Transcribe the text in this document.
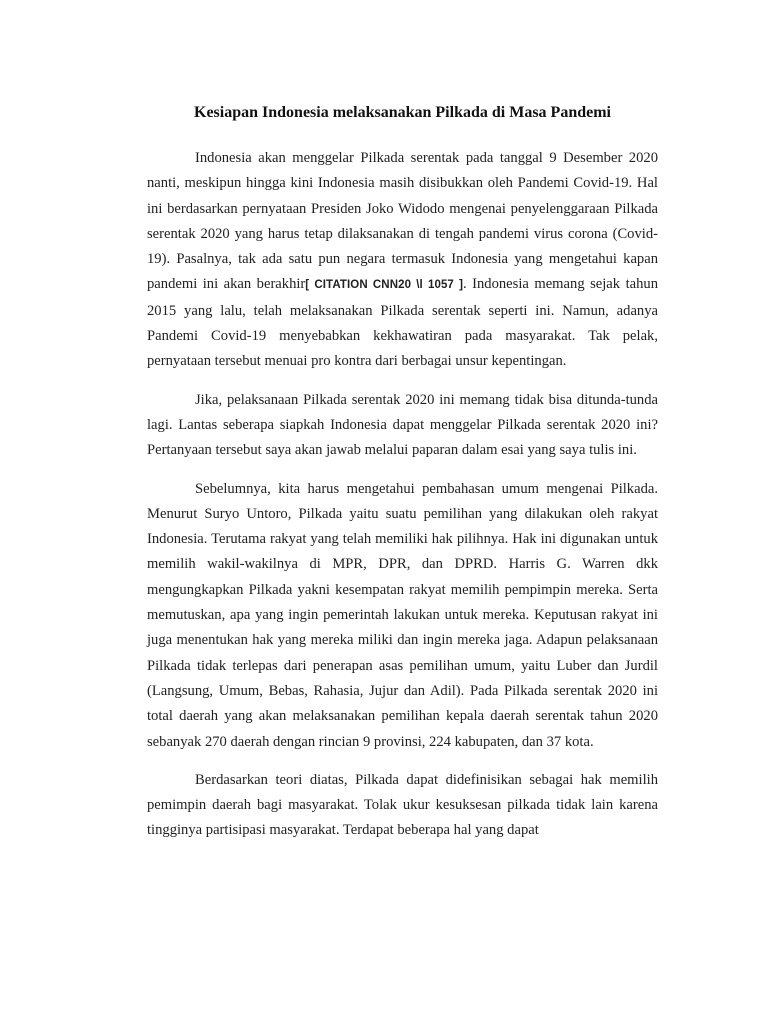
Kesiapan Indonesia melaksanakan Pilkada di Masa Pandemi

Indonesia akan menggelar Pilkada serentak pada tanggal 9 Desember 2020 nanti, meskipun hingga kini Indonesia masih disibukkan oleh Pandemi Covid-19. Hal ini berdasarkan pernyataan Presiden Joko Widodo mengenai penyelenggaraan Pilkada serentak 2020 yang harus tetap dilaksanakan di tengah pandemi virus corona (Covid-19). Pasalnya, tak ada satu pun negara termasuk Indonesia yang mengetahui kapan pandemi ini akan berakhir[ CITATION CNN20 \l 1057 ]. Indonesia memang sejak tahun 2015 yang lalu, telah melaksanakan Pilkada serentak seperti ini. Namun, adanya Pandemi Covid-19 menyebabkan kekhawatiran pada masyarakat. Tak pelak, pernyataan tersebut menuai pro kontra dari berbagai unsur kepentingan.

Jika, pelaksanaan Pilkada serentak 2020 ini memang tidak bisa ditunda-tunda lagi. Lantas seberapa siapkah Indonesia dapat menggelar Pilkada serentak 2020 ini? Pertanyaan tersebut saya akan jawab melalui paparan dalam esai yang saya tulis ini.

Sebelumnya, kita harus mengetahui pembahasan umum mengenai Pilkada. Menurut Suryo Untoro, Pilkada yaitu suatu pemilihan yang dilakukan oleh rakyat Indonesia. Terutama rakyat yang telah memiliki hak pilihnya. Hak ini digunakan untuk memilih wakil-wakilnya di MPR, DPR, dan DPRD. Harris G. Warren dkk mengungkapkan Pilkada yakni kesempatan rakyat memilih pempimpin mereka. Serta memutuskan, apa yang ingin pemerintah lakukan untuk mereka. Keputusan rakyat ini juga menentukan hak yang mereka miliki dan ingin mereka jaga. Adapun pelaksanaan Pilkada tidak terlepas dari penerapan asas pemilihan umum, yaitu Luber dan Jurdil (Langsung, Umum, Bebas, Rahasia, Jujur dan Adil). Pada Pilkada serentak 2020 ini total daerah yang akan melaksanakan pemilihan kepala daerah serentak tahun 2020 sebanyak 270 daerah dengan rincian 9 provinsi, 224 kabupaten, dan 37 kota.

Berdasarkan teori diatas, Pilkada dapat didefinisikan sebagai hak memilih pemimpin daerah bagi masyarakat. Tolak ukur kesuksesan pilkada tidak lain karena tingginya partisipasi masyarakat. Terdapat beberapa hal yang dapat
